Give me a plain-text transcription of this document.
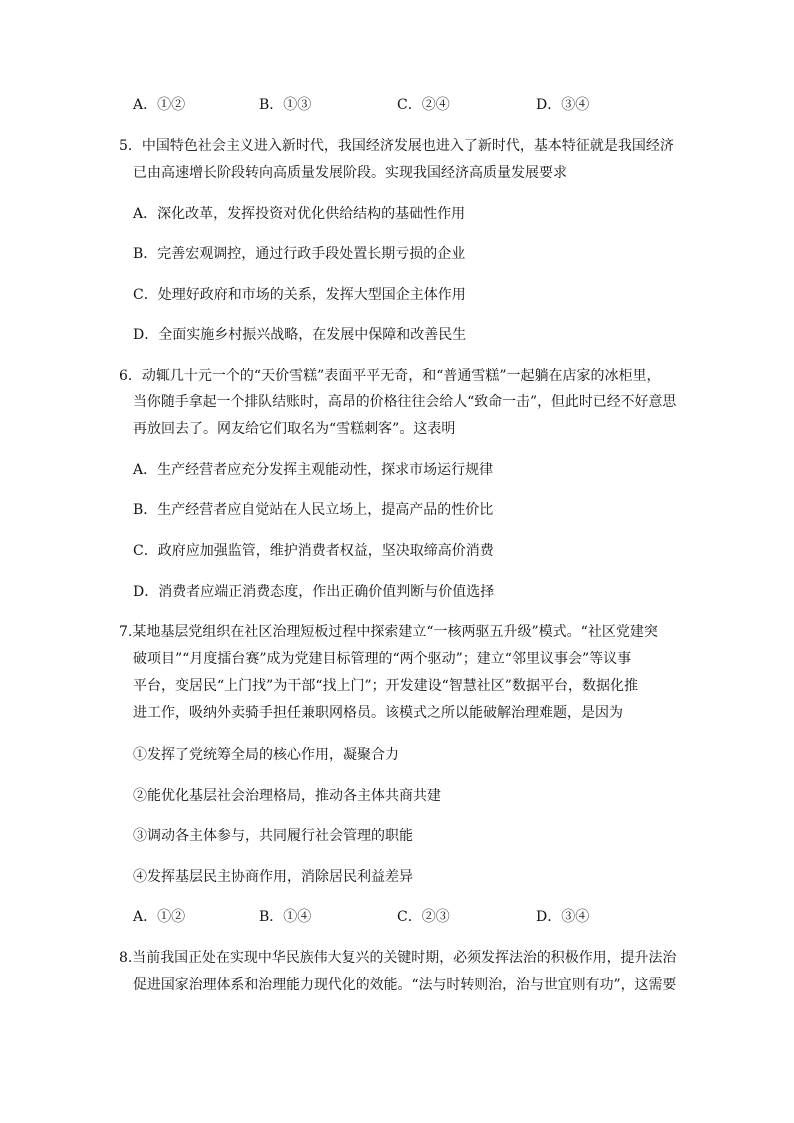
A．①②	B．①③	C．②④	D．③④
5．中国特色社会主义进入新时代，我国经济发展也进入了新时代，基本特征就是我国经济
已由高速增长阶段转向高质量发展阶段。实现我国经济高质量发展要求
A．深化改革，发挥投资对优化供给结构的基础性作用
B．完善宏观调控，通过行政手段处置长期亏损的企业
C．处理好政府和市场的关系，发挥大型国企主体作用
D．全面实施乡村振兴战略，在发展中保障和改善民生
6．动辄几十元一个的“天价雪糕”表面平平无奇，和“普通雪糕”一起躺在店家的冰柜里，
当你随手拿起一个排队结账时，高昂的价格往往会给人“致命一击”，但此时已经不好意思
再放回去了。网友给它们取名为“雪糕刺客”。这表明
A．生产经营者应充分发挥主观能动性，探求市场运行规律
B．生产经营者应自觉站在人民立场上，提高产品的性价比
C．政府应加强监管，维护消费者权益，坚决取缔高价消费
D．消费者应端正消费态度，作出正确价值判断与价值选择
7.某地基层党组织在社区治理短板过程中探索建立“一核两驱五升级”模式。“社区党建突
破项目”“月度擂台赛”成为党建目标管理的“两个驱动”；建立“邻里议事会”等议事
平台，变居民“上门找”为干部“找上门”；开发建设“智慧社区”数据平台，数据化推
进工作，吸纳外卖骑手担任兼职网格员。该模式之所以能破解治理难题，是因为
①发挥了党统筹全局的核心作用，凝聚合力
②能优化基层社会治理格局，推动各主体共商共建
③调动各主体参与，共同履行社会管理的职能
④发挥基层民主协商作用，消除居民利益差异
A．①②	B．①④	C．②③	D．③④
8.当前我国正处在实现中华民族伟大复兴的关键时期，必须发挥法治的积极作用，提升法治
促进国家治理体系和治理能力现代化的效能。“法与时转则治，治与世宜则有功”，这需要
